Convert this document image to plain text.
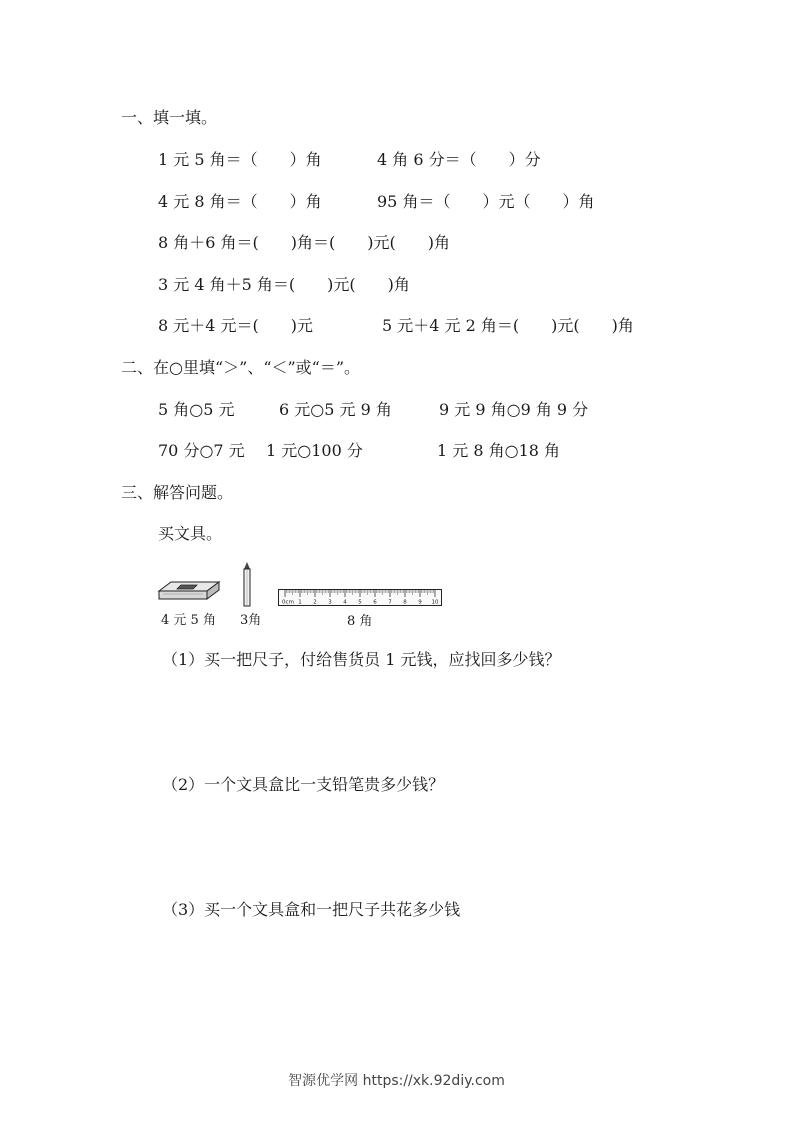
一、填一填。
1 元 5 角＝（　　）角	4 角 6 分＝（　　）分
4 元 8 角＝（　　）角	95 角＝（　　）元（　　）角
8 角＋6 角＝(　　)角＝(　　)元(　　)角
3 元 4 角＋5 角＝(　　)元(　　)角
8 元＋4 元＝(　　)元	5 元＋4 元 2 角＝(　　)元(　　)角
二、在○里填“＞”、“＜”或“＝”。
5 角○5 元	6 元○5 元 9 角	9 元 9 角○9 角 9 分
70 分○7 元 1 元○100 分	1 元 8 角○18 角
三、解答问题。
买文具。
4 元 5 角 3角
0cm 1 2 3 4 5 6 7 8 9 10
8 角
（1）买一把尺子，付给售货员 1 元钱，应找回多少钱？
（2）一个文具盒比一支铅笔贵多少钱？
（3）买一个文具盒和一把尺子共花多少钱
智源优学网 https://xk.92diy.com
